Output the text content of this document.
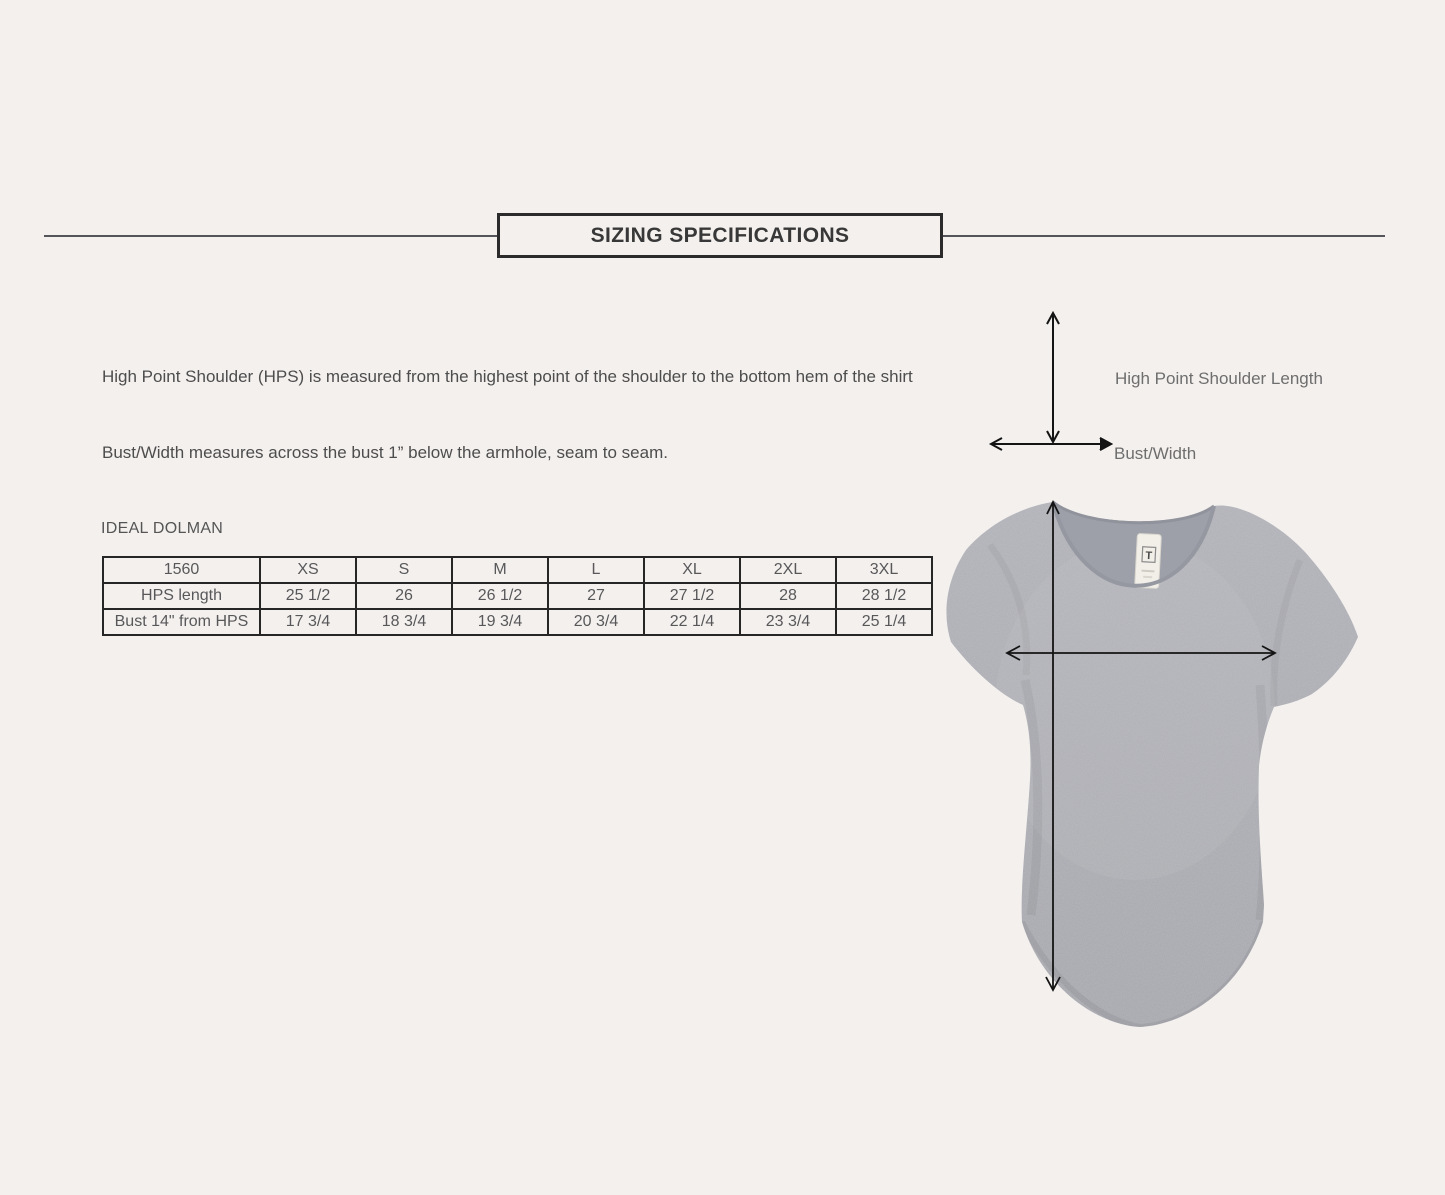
SIZING SPECIFICATIONS
High Point Shoulder (HPS) is measured from the highest point of the shoulder to the bottom hem of the shirt
Bust/Width measures across the bust 1” below the armhole, seam to seam.
High Point Shoulder Length
Bust/Width
IDEAL DOLMAN
1560	XS	S	M	L	XL	2XL	3XL
HPS length	25 1/2	26	26 1/2	27	27 1/2	28	28 1/2
Bust 14" from HPS	17 3/4	18 3/4	19 3/4	20 3/4	22 1/4	23 3/4	25 1/4
T
